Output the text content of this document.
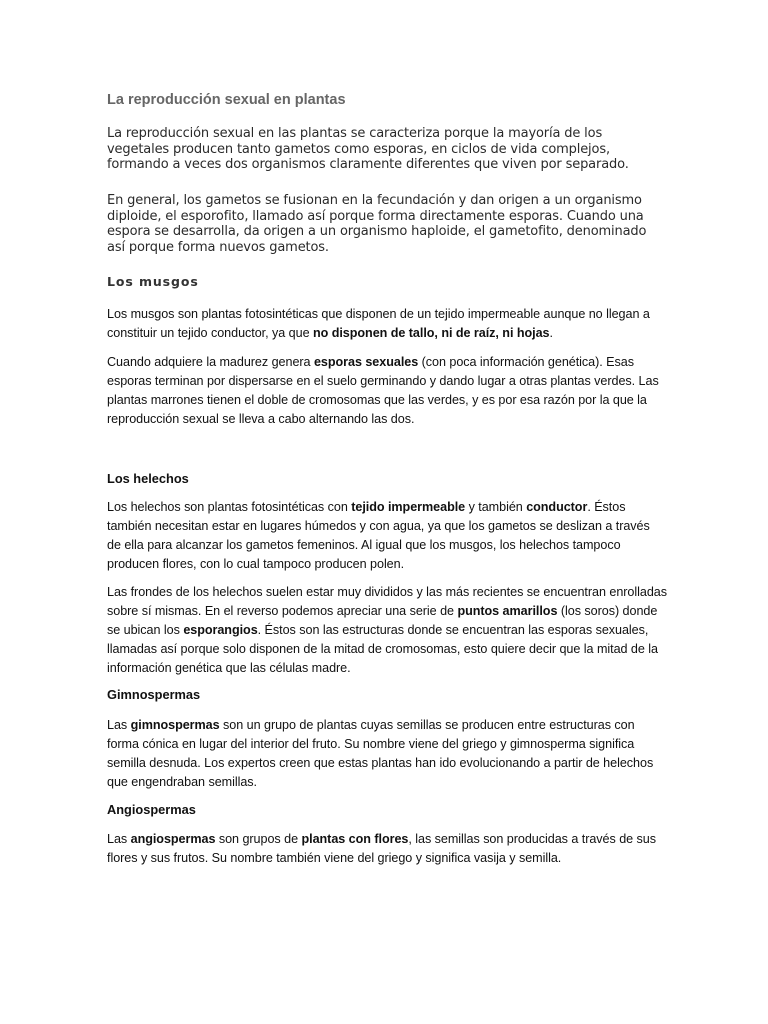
La reproducción sexual en plantas

La reproducción sexual en las plantas se caracteriza porque la mayoría de los vegetales producen tanto gametos como esporas, en ciclos de vida complejos, formando a veces dos organismos claramente diferentes que viven por separado.

En general, los gametos se fusionan en la fecundación y dan origen a un organismo diploide, el esporofito, llamado así porque forma directamente esporas. Cuando una espora se desarrolla, da origen a un organismo haploide, el gametofito, denominado así porque forma nuevos gametos.

Los musgos

Los musgos son plantas fotosintéticas que disponen de un tejido impermeable aunque no llegan a constituir un tejido conductor, ya que no disponen de tallo, ni de raíz, ni hojas.

Cuando adquiere la madurez genera esporas sexuales (con poca información genética). Esas esporas terminan por dispersarse en el suelo germinando y dando lugar a otras plantas verdes. Las plantas marrones tienen el doble de cromosomas que las verdes, y es por esa razón por la que la reproducción sexual se lleva a cabo alternando las dos.

Los helechos

Los helechos son plantas fotosintéticas con tejido impermeable y también conductor. Éstos también necesitan estar en lugares húmedos y con agua, ya que los gametos se deslizan a través de ella para alcanzar los gametos femeninos. Al igual que los musgos, los helechos tampoco producen flores, con lo cual tampoco producen polen.

Las frondes de los helechos suelen estar muy divididos y las más recientes se encuentran enrolladas sobre sí mismas. En el reverso podemos apreciar una serie de puntos amarillos (los soros) donde se ubican los esporangios. Éstos son las estructuras donde se encuentran las esporas sexuales, llamadas así porque solo disponen de la mitad de cromosomas, esto quiere decir que la mitad de la información genética que las células madre.

Gimnospermas

Las gimnospermas son un grupo de plantas cuyas semillas se producen entre estructuras con forma cónica en lugar del interior del fruto. Su nombre viene del griego y gimnosperma significa semilla desnuda. Los expertos creen que estas plantas han ido evolucionando a partir de helechos que engendraban semillas.

Angiospermas

Las angiospermas son grupos de plantas con flores, las semillas son producidas a través de sus flores y sus frutos. Su nombre también viene del griego y significa vasija y semilla.
